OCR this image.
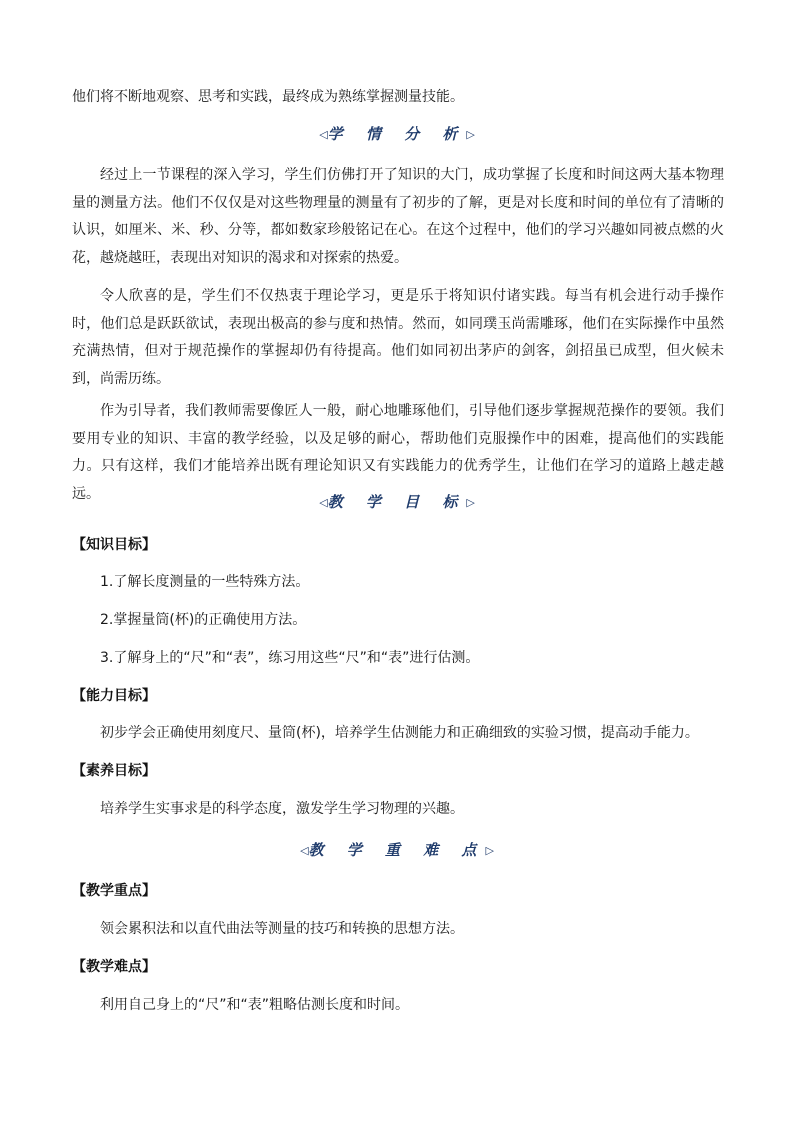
他们将不断地观察、思考和实践，最终成为熟练掌握测量技能。

◁学 情 分 析▷

经过上一节课程的深入学习，学生们仿佛打开了知识的大门，成功掌握了长度和时间这两大基本物理量的测量方法。他们不仅仅是对这些物理量的测量有了初步的了解，更是对长度和时间的单位有了清晰的认识，如厘米、米、秒、分等，都如数家珍般铭记在心。在这个过程中，他们的学习兴趣如同被点燃的火花，越烧越旺，表现出对知识的渴求和对探索的热爱。

令人欣喜的是，学生们不仅热衷于理论学习，更是乐于将知识付诸实践。每当有机会进行动手操作时，他们总是跃跃欲试，表现出极高的参与度和热情。然而，如同璞玉尚需雕琢，他们在实际操作中虽然充满热情，但对于规范操作的掌握却仍有待提高。他们如同初出茅庐的剑客，剑招虽已成型，但火候未到，尚需历练。

作为引导者，我们教师需要像匠人一般，耐心地雕琢他们，引导他们逐步掌握规范操作的要领。我们要用专业的知识、丰富的教学经验，以及足够的耐心，帮助他们克服操作中的困难，提高他们的实践能力。只有这样，我们才能培养出既有理论知识又有实践能力的优秀学生，让他们在学习的道路上越走越远。

◁教 学 目 标▷
【知识目标】
1.了解长度测量的一些特殊方法。
2.掌握量筒(杯)的正确使用方法。
3.了解身上的“尺”和“表”，练习用这些“尺”和“表”进行估测。
【能力目标】
初步学会正确使用刻度尺、量筒(杯)，培养学生估测能力和正确细致的实验习惯，提高动手能力。
【素养目标】
培养学生实事求是的科学态度，激发学生学习物理的兴趣。
◁教 学 重 难 点▷
【教学重点】
领会累积法和以直代曲法等测量的技巧和转换的思想方法。
【教学难点】
利用自己身上的“尺”和“表”粗略估测长度和时间。
